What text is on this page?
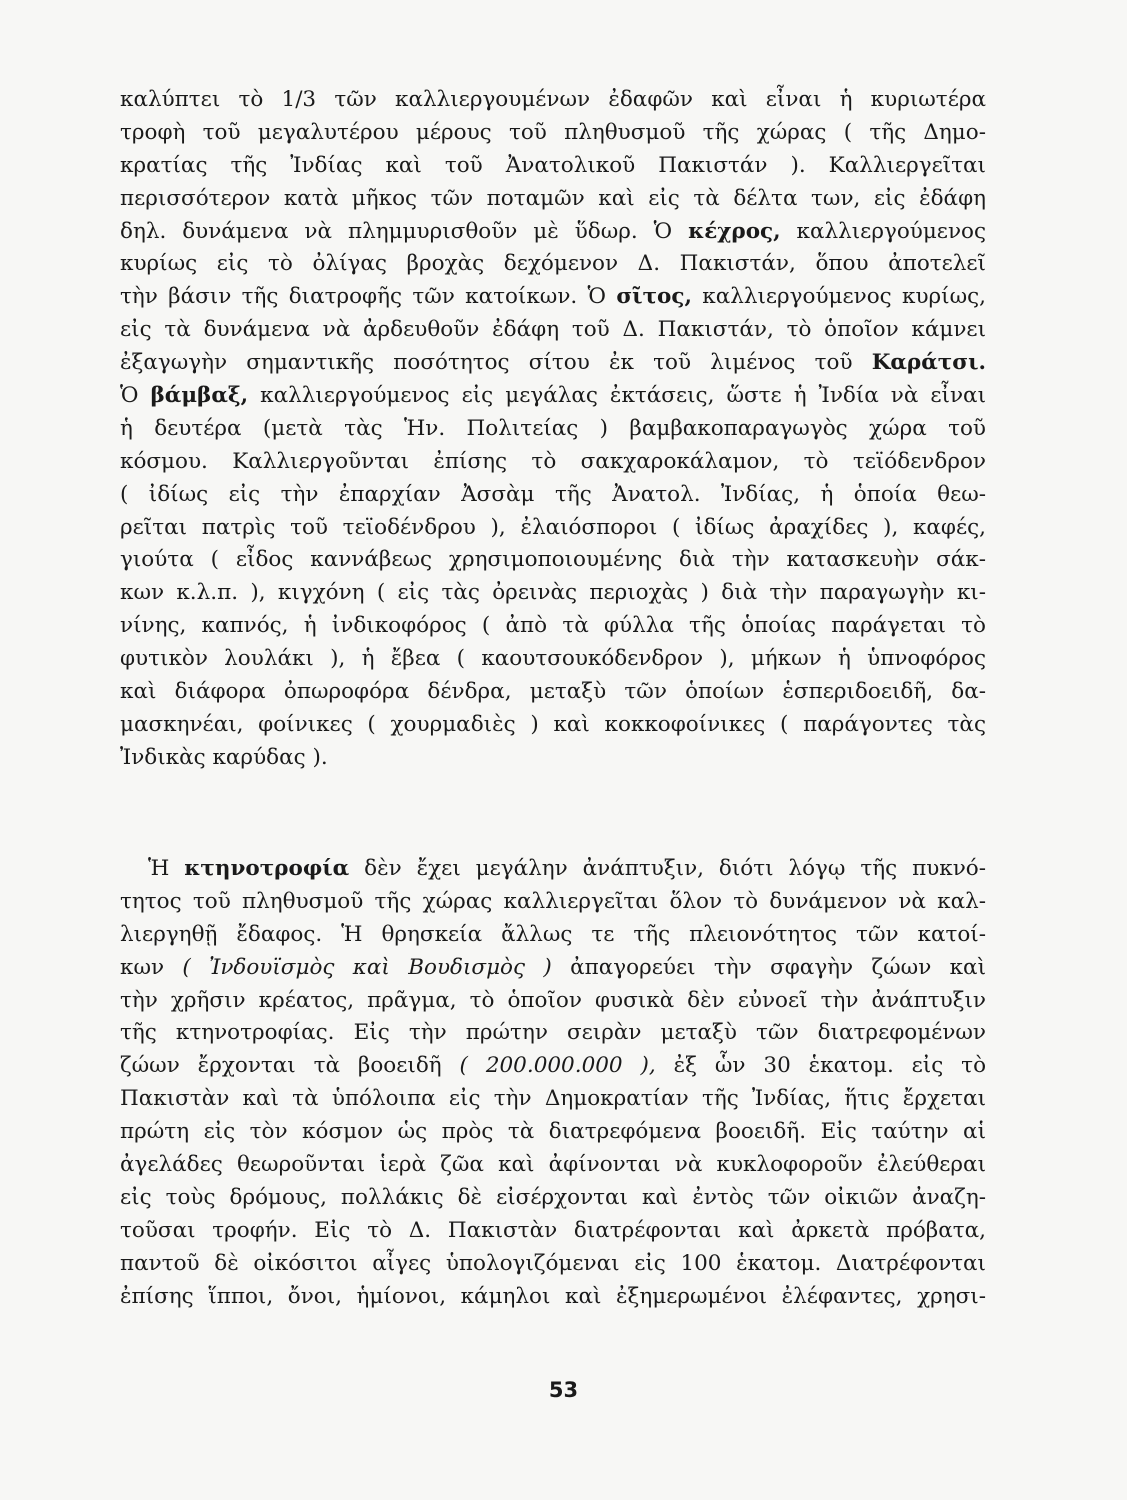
καλύπτει τὸ 1/3 τῶν καλλιεργουμένων ἐδαφῶν καὶ εἶναι ἡ κυριωτέρα
τροφὴ τοῦ μεγαλυτέρου μέρους τοῦ πληθυσμοῦ τῆς χώρας ( τῆς Δημο-
κρατίας τῆς Ἰνδίας καὶ τοῦ Ἀνατολικοῦ Πακιστάν ). Καλλιεργεῖται
περισσότερον κατὰ μῆκος τῶν ποταμῶν καὶ εἰς τὰ δέλτα των, εἰς ἐδάφη
δηλ. δυνάμενα νὰ πλημμυρισθοῦν μὲ ὕδωρ. Ὁ κέχρος, καλλιεργούμενος
κυρίως εἰς τὸ ὀλίγας βροχὰς δεχόμενον Δ. Πακιστάν, ὅπου ἀποτελεῖ
τὴν βάσιν τῆς διατροφῆς τῶν κατοίκων. Ὁ σῖτος, καλλιεργούμενος κυρίως,
εἰς τὰ δυνάμενα νὰ ἀρδευθοῦν ἐδάφη τοῦ Δ. Πακιστάν, τὸ ὁποῖον κάμνει
ἐξαγωγὴν σημαντικῆς ποσότητος σίτου ἐκ τοῦ λιμένος τοῦ Καράτσι.
Ὁ βάμβαξ, καλλιεργούμενος εἰς μεγάλας ἐκτάσεις, ὥστε ἡ Ἰνδία νὰ εἶναι
ἡ δευτέρα (μετὰ τὰς Ἡν. Πολιτείας ) βαμβακοπαραγωγὸς χώρα τοῦ
κόσμου. Καλλιεργοῦνται ἐπίσης τὸ σακχαροκάλαμον, τὸ τεϊόδενδρον
( ἰδίως εἰς τὴν ἐπαρχίαν Ἀσσὰμ τῆς Ἀνατολ. Ἰνδίας, ἡ ὁποία θεω-
ρεῖται πατρὶς τοῦ τεϊοδένδρου ), ἐλαιόσποροι ( ἰδίως ἀραχίδες ), καφές,
γιούτα ( εἶδος καννάβεως χρησιμοποιουμένης διὰ τὴν κατασκευὴν σάκ-
κων κ.λ.π. ), κιγχόνη ( εἰς τὰς ὀρεινὰς περιοχὰς ) διὰ τὴν παραγωγὴν κι-
νίνης, καπνός, ἡ ἰνδικοφόρος ( ἀπὸ τὰ φύλλα τῆς ὁποίας παράγεται τὸ
φυτικὸν λουλάκι ), ἡ ἔβεα ( καουτσουκόδενδρον ), μήκων ἡ ὑπνοφόρος
καὶ διάφορα ὀπωροφόρα δένδρα, μεταξὺ τῶν ὁποίων ἑσπεριδοειδῆ, δα-
μασκηνέαι, φοίνικες ( χουρμαδιὲς ) καὶ κοκκοφοίνικες ( παράγοντες τὰς
Ἰνδικὰς καρύδας ).
Ἡ κτηνοτροφία δὲν ἔχει μεγάλην ἀνάπτυξιν, διότι λόγῳ τῆς πυκνό-
τητος τοῦ πληθυσμοῦ τῆς χώρας καλλιεργεῖται ὅλον τὸ δυνάμενον νὰ καλ-
λιεργηθῇ ἔδαφος. Ἡ θρησκεία ἄλλως τε τῆς πλειονότητος τῶν κατοί-
κων ( Ἰνδουϊσμὸς καὶ Βουδισμὸς ) ἀπαγορεύει τὴν σφαγὴν ζώων καὶ
τὴν χρῆσιν κρέατος, πρᾶγμα, τὸ ὁποῖον φυσικὰ δὲν εὐνοεῖ τὴν ἀνάπτυξιν
τῆς κτηνοτροφίας. Εἰς τὴν πρώτην σειρὰν μεταξὺ τῶν διατρεφομένων
ζώων ἔρχονται τὰ βοοειδῆ ( 200.000.000 ), ἐξ ὧν 30 ἑκατομ. εἰς τὸ
Πακιστὰν καὶ τὰ ὑπόλοιπα εἰς τὴν Δημοκρατίαν τῆς Ἰνδίας, ἥτις ἔρχεται
πρώτη εἰς τὸν κόσμον ὡς πρὸς τὰ διατρεφόμενα βοοειδῆ. Εἰς ταύτην αἱ
ἀγελάδες θεωροῦνται ἱερὰ ζῶα καὶ ἀφίνονται νὰ κυκλοφοροῦν ἐλεύθεραι
εἰς τοὺς δρόμους, πολλάκις δὲ εἰσέρχονται καὶ ἐντὸς τῶν οἰκιῶν ἀναζη-
τοῦσαι τροφήν. Εἰς τὸ Δ. Πακιστὰν διατρέφονται καὶ ἀρκετὰ πρόβατα,
παντοῦ δὲ οἰκόσιτοι αἶγες ὑπολογιζόμεναι εἰς 100 ἑκατομ. Διατρέφονται
ἐπίσης ἵπποι, ὄνοι, ἡμίονοι, κάμηλοι καὶ ἐξημερωμένοι ἐλέφαντες, χρησι-
53
